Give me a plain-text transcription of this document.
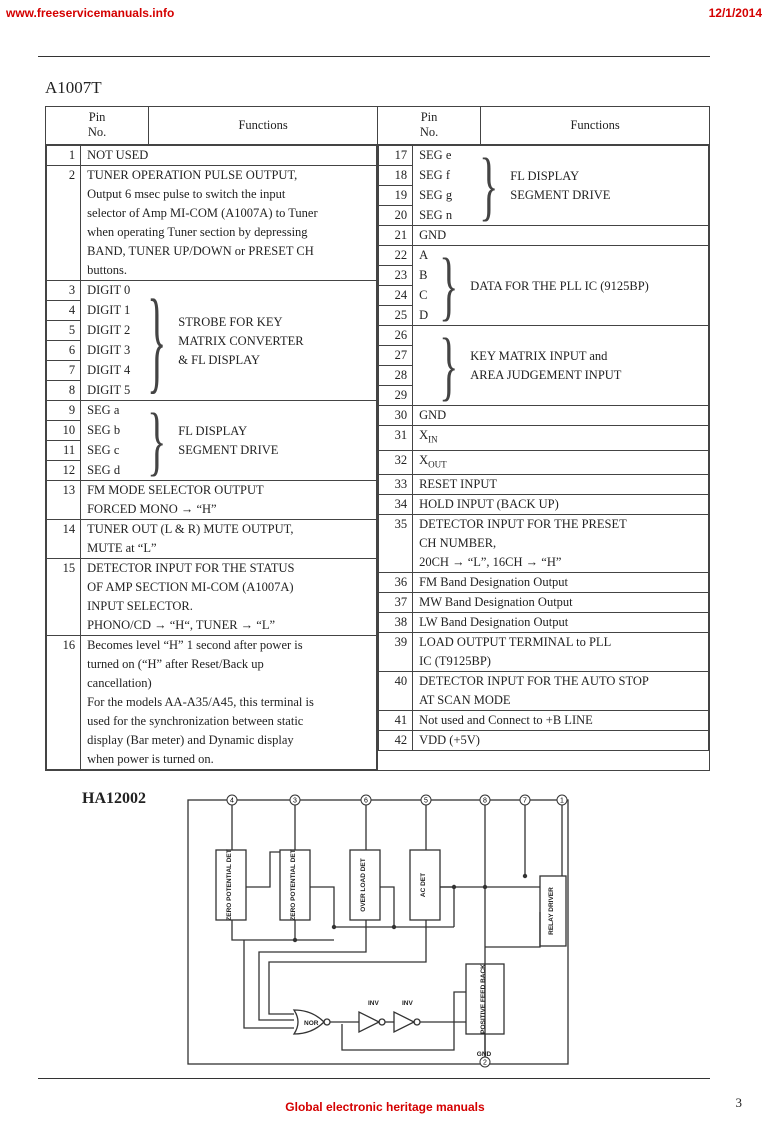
www.freeservicemanuals.info	12/1/2014
A1007T
Pin
No.	Functions	Pin
No.	Functions

1	NOT USED
2	TUNER OPERATION PULSE OUTPUT,
Output 6 msec pulse to switch the input
selector of Amp MI-COM (A1007A) to Tuner
when operating Tuner section by depressing
BAND, TUNER UP/DOWN or PRESET CH
buttons.
3	DIGIT 0 } STROBE FOR KEY
MATRIX CONVERTER
& FL DISPLAY

4	DIGIT 1
5	DIGIT 2
6	DIGIT 3
7	DIGIT 4
8	DIGIT 5
9	SEG a } FL DISPLAY
SEGMENT DRIVE

10	SEG b
11	SEG c
12	SEG d
13	FM MODE SELECTOR OUTPUT
FORCED MONO → “H”
14	TUNER OUT (L & R) MUTE OUTPUT,
MUTE at “L”
15	DETECTOR INPUT FOR THE STATUS
OF AMP SECTION MI-COM (A1007A)
INPUT SELECTOR.
PHONO/CD → “H“, TUNER → “L”
16	Becomes level “H” 1 second after power is
turned on (“H” after Reset/Back up
cancellation)
For the models AA-A35/A45, this terminal is
used for the synchronization between static
display (Bar meter) and Dynamic display
when power is turned on.

17	SEG e } FL DISPLAY
SEGMENT DRIVE

18	SEG f
19	SEG g
20	SEG n
21	GND
22	A } DATA FOR THE PLL IC (9125BP)

23	B
24	C
25	D
26	} KEY MATRIX INPUT and
AREA JUDGEMENT INPUT

27	
28	
29	
30	GND
31	$X_{IN}$
32	$X_{OUT}$
33	RESET INPUT
34	HOLD INPUT (BACK UP)
35	DETECTOR INPUT FOR THE PRESET
CH NUMBER,
20CH → “L”, 16CH → “H”
36	FM Band Designation Output
37	MW Band Designation Output
38	LW Band Designation Output
39	LOAD OUTPUT TERMINAL to PLL
IC (T9125BP)
40	DETECTOR INPUT FOR THE AUTO STOP
AT SCAN MODE
41	Not used and Connect to +B LINE
42	VDD (+5V)
HA12002	4	3	6	5	8	7	1
2
ZERO POTENTIAL DET	ZERO POTENTIAL DET	OVER LOAD DET	AC DET
RELAY DRIVER
POSITIVE FEED BACK
NOR
INV	INV
GND
3
Global electronic heritage manuals
